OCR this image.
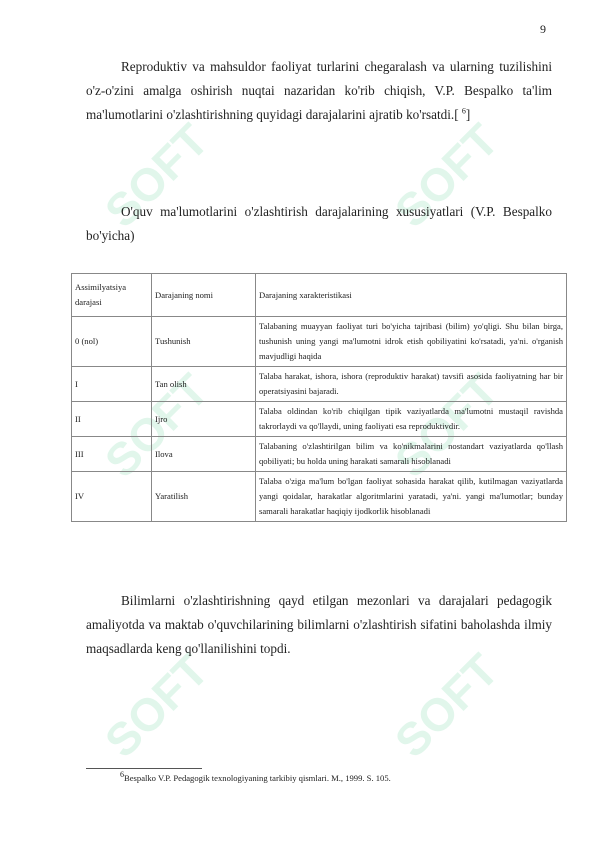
SOFT	SOFT
SOFT	SOFT
SOFT	SOFT
9

Reproduktiv va mahsuldor faoliyat turlarini chegaralash va ularning tuzilishini o'z-o'zini amalga oshirish nuqtai nazaridan ko'rib chiqish, V.P. Bespalko ta'lim ma'lumotlarini o'zlashtirishning quyidagi darajalarini ajratib ko'rsatdi.[ $^6$]

O'quv ma'lumotlarini o'zlashtirish darajalarining xususiyatlari (V.P. Bespalko bo'yicha)

Assimilyatsiya darajasi	Darajaning nomi	Darajaning xarakteristikasi
0 (nol)	Tushunish	Talabaning muayyan faoliyat turi bo'yicha tajribasi (bilim) yo'qligi. Shu bilan birga, tushunish uning yangi ma'lumotni idrok etish qobiliyatini ko'rsatadi, ya'ni. o'rganish mavjudligi haqida
I	Tan olish	Talaba harakat, ishora, ishora (reproduktiv harakat) tavsifi asosida faoliyatning har bir operatsiyasini bajaradi.
II	Ijro	Talaba oldindan ko'rib chiqilgan tipik vaziyatlarda ma'lumotni mustaqil ravishda takrorlaydi va qo'llaydi, uning faoliyati esa reproduktivdir.
III	Ilova	Talabaning o'zlashtirilgan bilim va ko'nikmalarini nostandart vaziyatlarda qo'llash qobiliyati; bu holda uning harakati samarali hisoblanadi
IV	Yaratilish	Talaba o'ziga ma'lum bo'lgan faoliyat sohasida harakat qilib, kutilmagan vaziyatlarda yangi qoidalar, harakatlar algoritmlarini yaratadi, ya'ni. yangi ma'lumotlar; bunday samarali harakatlar haqiqiy ijodkorlik hisoblanadi

Bilimlarni o'zlashtirishning qayd etilgan mezonlari va darajalari pedagogik amaliyotda va maktab o'quvchilarining bilimlarni o'zlashtirish sifatini baholashda ilmiy maqsadlarda keng qo'llanilishini topdi.

$^6$Bespalko V.P. Pedagogik texnologiyaning tarkibiy qismlari. M., 1999. S. 105.
